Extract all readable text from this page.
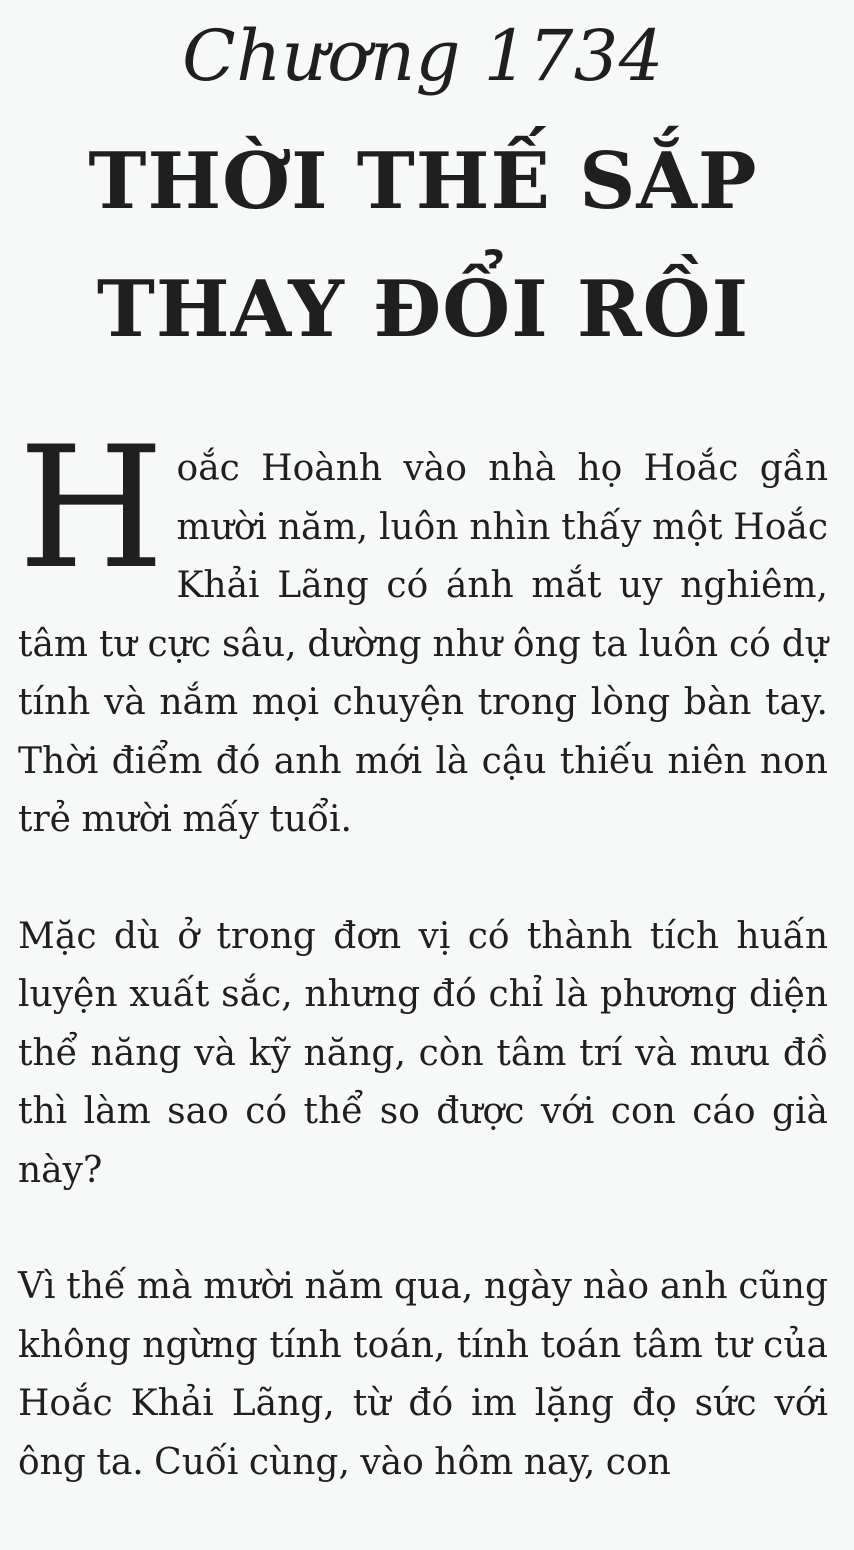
Chương 1734
THỜI THẾ SẮP THAY ĐỔI RỒI

Hoắc Hoành vào nhà họ Hoắc gần mười năm, luôn nhìn thấy một Hoắc Khải Lãng có ánh mắt uy nghiêm, tâm tư cực sâu, dường như ông ta luôn có dự tính và nắm mọi chuyện trong lòng bàn tay. Thời điểm đó anh mới là cậu thiếu niên non trẻ mười mấy tuổi.

Mặc dù ở trong đơn vị có thành tích huấn luyện xuất sắc, nhưng đó chỉ là phương diện thể năng và kỹ năng, còn tâm trí và mưu đồ thì làm sao có thể so được với con cáo già này?

Vì thế mà mười năm qua, ngày nào anh cũng không ngừng tính toán, tính toán tâm tư của Hoắc Khải Lãng, từ đó im lặng đọ sức với ông ta. Cuối cùng, vào hôm nay, con
